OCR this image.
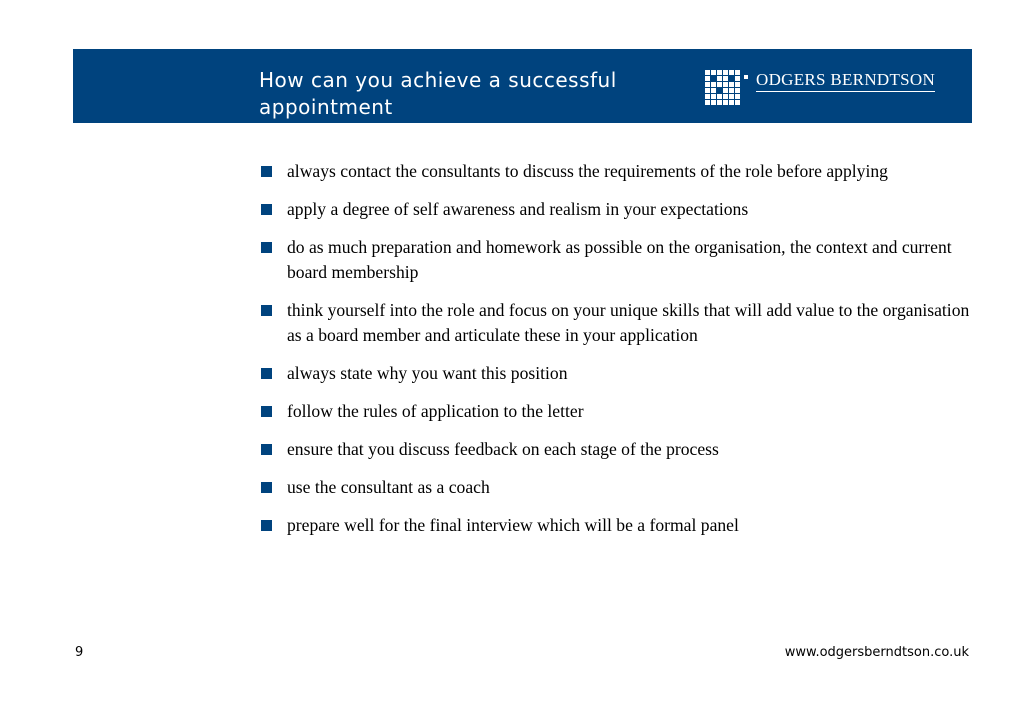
How can you achieve a successful appointment
ODGERS BERNDTSON
always contact the consultants to discuss the requirements of the role before applying
apply a degree of self awareness and realism in your expectations
do as much preparation and homework as possible on the organisation, the context and current board membership
think yourself into the role and focus on your unique skills that will add value to the organisation as a board member and articulate these in your application
always state why you want this position
follow the rules of application to the letter
ensure that you discuss feedback on each stage of the process
use the consultant as a coach
prepare well for the final interview which will be a formal panel
9	www.odgersberndtson.co.uk
